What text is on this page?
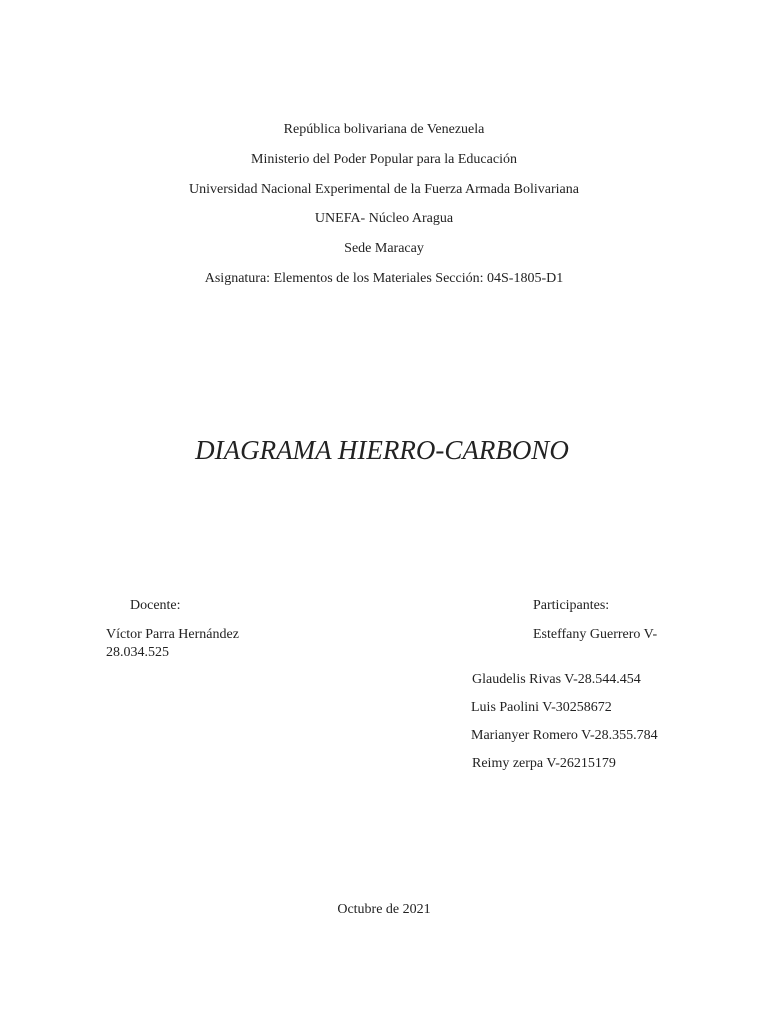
República bolivariana de Venezuela
Ministerio del Poder Popular para la Educación
Universidad Nacional Experimental de la Fuerza Armada Bolivariana
UNEFA- Núcleo Aragua
Sede Maracay
Asignatura: Elementos de los Materiales Sección: 04S-1805-D1
DIAGRAMA HIERRO-CARBONO
Docente:
Víctor Parra Hernández
28.034.525
Participantes:
Esteffany Guerrero V-
Glaudelis Rivas V-28.544.454
Luis Paolini V-30258672
Marianyer Romero V-28.355.784
Reimy zerpa V-26215179
Octubre de 2021
